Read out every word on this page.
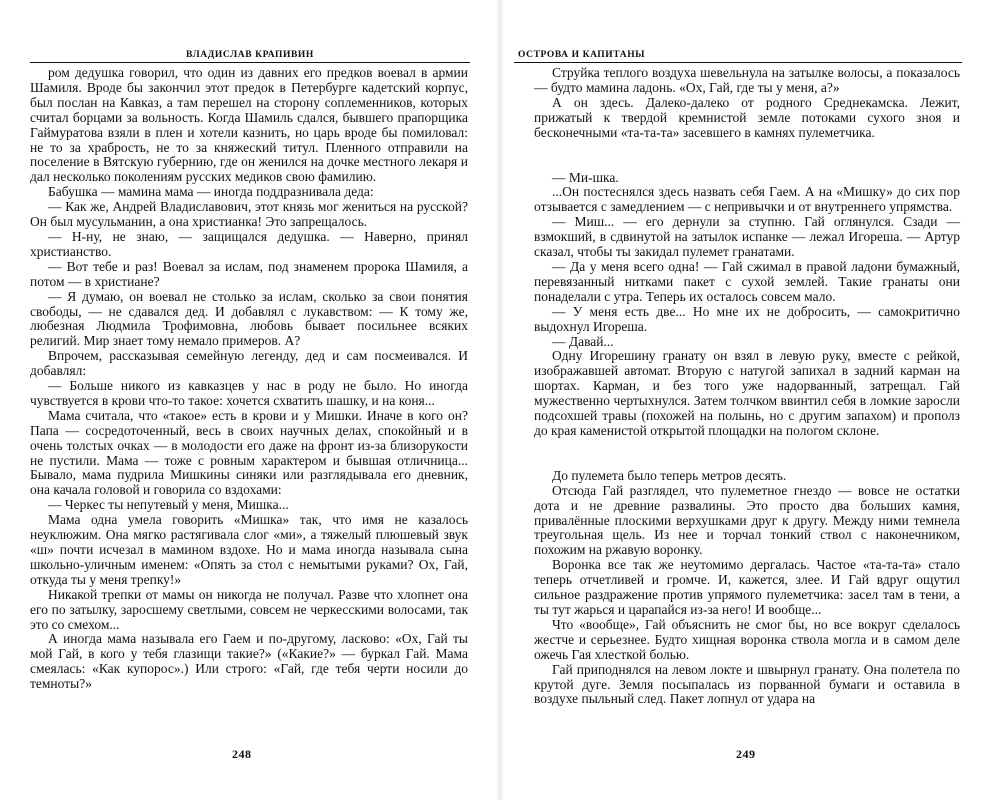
ВЛАДИСЛАВ КРАПИВИН

ром дедушка говорил, что один из давних его предков воевал в армии Шамиля. Вроде бы закончил этот предок в Петербурге кадетский корпус, был послан на Кавказ, а там перешел на сторону соплеменников, которых считал борцами за вольность. Когда Шамиль сдался, бывшего прапорщика Гаймуратова взяли в плен и хотели казнить, но царь вроде бы помиловал: не то за храбрость, не то за княжеский титул. Пленного отправили на поселение в Вятскую губернию, где он женился на дочке местного лекаря и дал несколько поколениям русских медиков свою фамилию.

Бабушка — мамина мама — иногда поддразнивала деда:

— Как же, Андрей Владиславович, этот князь мог жениться на русской? Он был мусульманин, а она христианка! Это запрещалось.

— Н-ну, не знаю, — защищался дедушка. — Наверно, принял христианство.

— Вот тебе и раз! Воевал за ислам, под знаменем пророка Шамиля, а потом — в христиане?

— Я думаю, он воевал не столько за ислам, сколько за свои понятия свободы, — не сдавался дед. И добавлял с лукавством: — К тому же, любезная Людмила Трофимовна, любовь бывает посильнее всяких религий. Мир знает тому немало примеров. А?

Впрочем, рассказывая семейную легенду, дед и сам посмеивался. И добавлял:

— Больше никого из кавказцев у нас в роду не было. Но иногда чувствуется в крови что-то такое: хочется схватить шашку, и на коня...

Мама считала, что «такое» есть в крови и у Мишки. Иначе в кого он? Папа — сосредоточенный, весь в своих научных делах, спокойный и в очень толстых очках — в молодости его даже на фронт из-за близорукости не пустили. Мама — тоже с ровным характером и бывшая отличница... Бывало, мама пудрила Мишкины синяки или разглядывала его дневник, она качала головой и говорила со вздохами:

— Черкес ты непутевый у меня, Мишка...

Мама одна умела говорить «Мишка» так, что имя не казалось неуклюжим. Она мягко растягивала слог «ми», а тяжелый плюшевый звук «ш» почти исчезал в мамином вздохе. Но и мама иногда называла сына школьно-уличным именем: «Опять за стол с немытыми руками? Ох, Гай, откуда ты у меня трепку!»

Никакой трепки от мамы он никогда не получал. Разве что хлопнет она его по затылку, заросшему светлыми, совсем не черкесскими волосами, так это со смехом...

А иногда мама называла его Гаем и по-другому, ласково: «Ох, Гай ты мой Гай, в кого у тебя глазищи такие?» («Какие?» — буркал Гай. Мама смеялась: «Как купорос».) Или строго: «Гай, где тебя черти носили до темноты?»

248
ОСТРОВА И КАПИТАНЫ

Струйка теплого воздуха шевельнула на затылке волосы, а показалось — будто мамина ладонь. «Ох, Гай, где ты у меня, а?»

А он здесь. Далеко-далеко от родного Среднекамска. Лежит, прижатый к твердой кремнистой земле потоками сухого зноя и бесконечными «та-та-та» засевшего в камнях пулеметчика.

— Ми-шка.

...Он постеснялся здесь назвать себя Гаем. А на «Мишку» до сих пор отзывается с замедлением — с непривычки и от внутреннего упрямства.

— Миш... — его дернули за ступню. Гай оглянулся. Сзади — взмокший, в сдвинутой на затылок испанке — лежал Игореша. — Артур сказал, чтобы ты закидал пулемет гранатами.

— Да у меня всего одна! — Гай сжимал в правой ладони бумажный, перевязанный нитками пакет с сухой землей. Такие гранаты они понаделали с утра. Теперь их осталось совсем мало.

— У меня есть две... Но мне их не добросить, — самокритично выдохнул Игореша.

— Давай...

Одну Игорешину гранату он взял в левую руку, вместе с рейкой, изображавшей автомат. Вторую с натугой запихал в задний карман на шортах. Карман, и без того уже надорванный, затрещал. Гай мужественно чертыхнулся. Затем толчком ввинтил себя в ломкие заросли подсохшей травы (похожей на полынь, но с другим запахом) и прополз до края каменистой открытой площадки на пологом склоне.

До пулемета было теперь метров десять.

Отсюда Гай разглядел, что пулеметное гнездо — вовсе не остатки дота и не древние развалины. Это просто два больших камня, привалённые плоскими верхушками друг к другу. Между ними темнела треугольная щель. Из нее и торчал тонкий ствол с наконечником, похожим на ржавую воронку.

Воронка все так же неутомимо дергалась. Частое «та-та-та» стало теперь отчетливей и громче. И, кажется, злее. И Гай вдруг ощутил сильное раздражение против упрямого пулеметчика: засел там в тени, а ты тут жарься и царапайся из-за него! И вообще...

Что «вообще», Гай объяснить не смог бы, но все вокруг сделалось жестче и серьезнее. Будто хищная воронка ствола могла и в самом деле ожечь Гая хлесткой болью.

Гай приподнялся на левом локте и швырнул гранату. Она полетела по крутой дуге. Земля посыпалась из порванной бумаги и оставила в воздухе пыльный след. Пакет лопнул от удара на

249
